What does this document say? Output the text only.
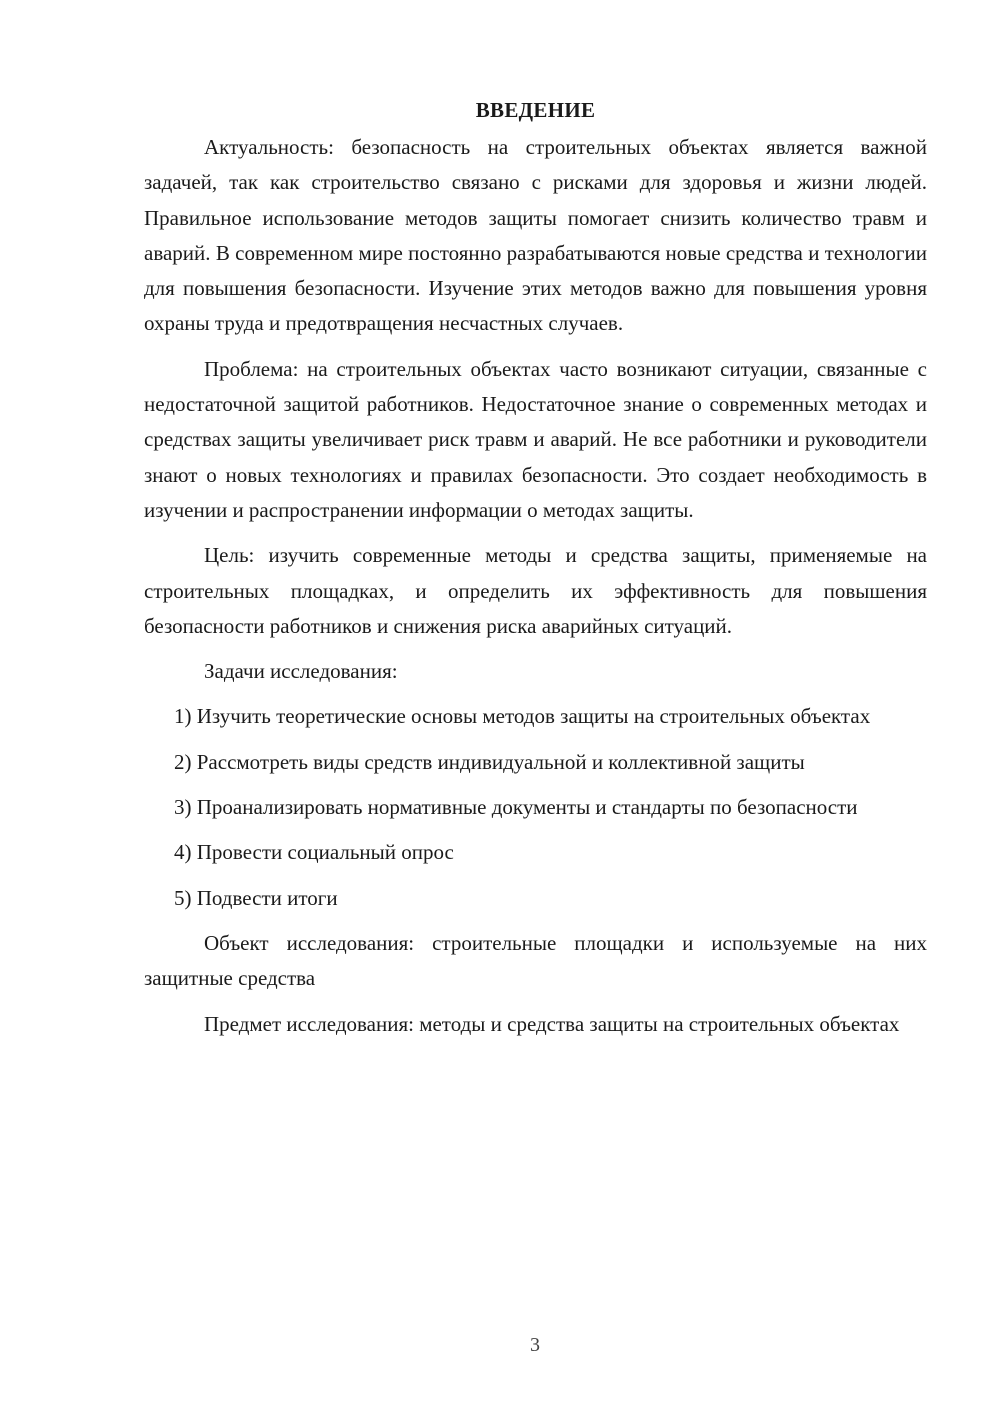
ВВЕДЕНИЕ

Актуальность: безопасность на строительных объектах является важной задачей, так как строительство связано с рисками для здоровья и жизни людей. Правильное использование методов защиты помогает снизить количество травм и аварий. В современном мире постоянно разрабатываются новые средства и технологии для повышения безопасности. Изучение этих методов важно для повышения уровня охраны труда и предотвращения несчастных случаев.

Проблема: на строительных объектах часто возникают ситуации, связанные с недостаточной защитой работников. Недостаточное знание о современных методах и средствах защиты увеличивает риск травм и аварий. Не все работники и руководители знают о новых технологиях и правилах безопасности. Это создает необходимость в изучении и распространении информации о методах защиты.

Цель: изучить современные методы и средства защиты, применяемые на строительных площадках, и определить их эффективность для повышения безопасности работников и снижения риска аварийных ситуаций.

Задачи исследования:

1) Изучить теоретические основы методов защиты на строительных объектах

2) Рассмотреть виды средств индивидуальной и коллективной защиты

3) Проанализировать нормативные документы и стандарты по безопасности

4) Провести социальный опрос

5) Подвести итоги

Объект исследования: строительные площадки и используемые на них защитные средства

Предмет исследования: методы и средства защиты на строительных объектах

3
